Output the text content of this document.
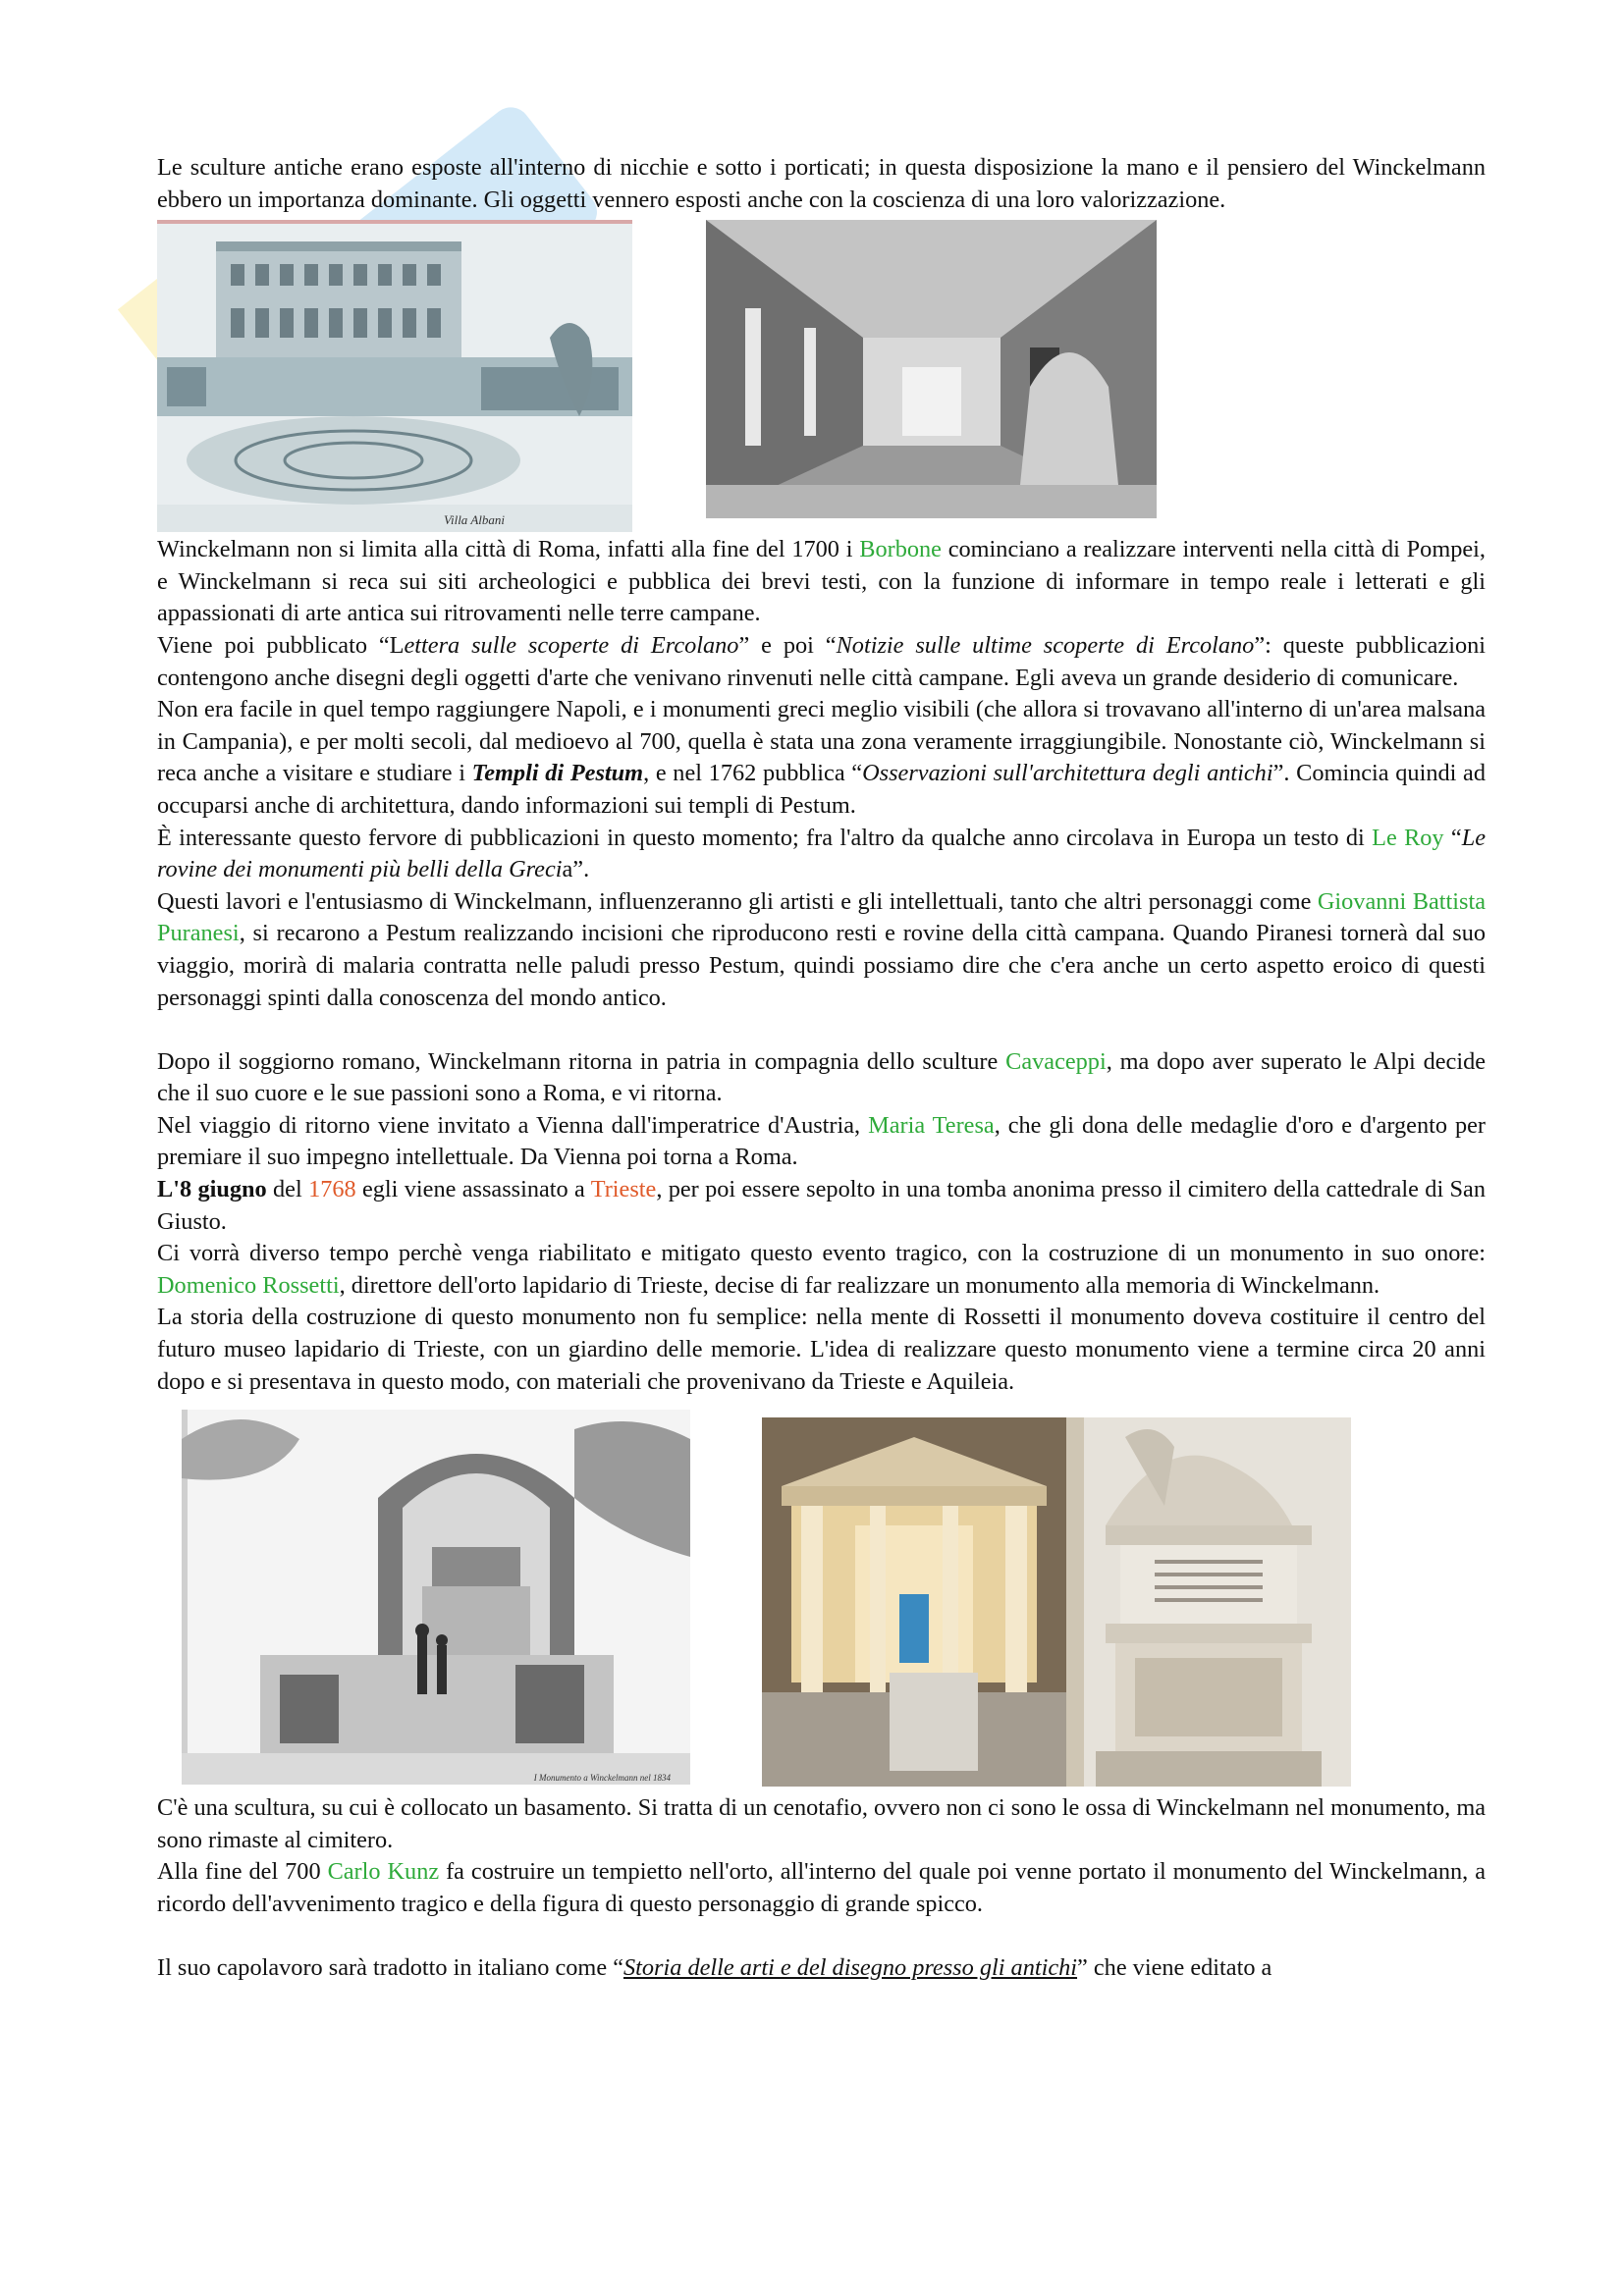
Le sculture antiche erano esposte all'interno di nicchie e sotto i porticati; in questa disposizione la mano e il pensiero del Winckelmann ebbero un importanza dominante. Gli oggetti vennero esposti anche con la coscienza di una loro valorizzazione.

Villa Albani

Winckelmann non si limita alla città di Roma, infatti alla fine del 1700 i Borbone cominciano a realizzare interventi nella città di Pompei, e Winckelmann si reca sui siti archeologici e pubblica dei brevi testi, con la funzione di informare in tempo reale i letterati e gli appassionati di arte antica sui ritrovamenti nelle terre campane.

Viene poi pubblicato “Lettera sulle scoperte di Ercolano” e poi “Notizie sulle ultime scoperte di Ercolano”: queste pubblicazioni contengono anche disegni degli oggetti d'arte che venivano rinvenuti nelle città campane. Egli aveva un grande desiderio di comunicare.

Non era facile in quel tempo raggiungere Napoli, e i monumenti greci meglio visibili (che allora si trovavano all'interno di un'area malsana in Campania), e per molti secoli, dal medioevo al 700, quella è stata una zona veramente irraggiungibile. Nonostante ciò, Winckelmann si reca anche a visitare e studiare i Templi di Pestum, e nel 1762 pubblica “Osservazioni sull'architettura degli antichi”. Comincia quindi ad occuparsi anche di architettura, dando informazioni sui templi di Pestum.

È interessante questo fervore di pubblicazioni in questo momento; fra l'altro da qualche anno circolava in Europa un testo di Le Roy “Le rovine dei monumenti più belli della Grecia”.

Questi lavori e l'entusiasmo di Winckelmann, influenzeranno gli artisti e gli intellettuali, tanto che altri personaggi come Giovanni Battista Puranesi, si recarono a Pestum realizzando incisioni che riproducono resti e rovine della città campana. Quando Piranesi tornerà dal suo viaggio, morirà di malaria contratta nelle paludi presso Pestum, quindi possiamo dire che c'era anche un certo aspetto eroico di questi personaggi spinti dalla conoscenza del mondo antico.

Dopo il soggiorno romano, Winckelmann ritorna in patria in compagnia dello sculture Cavaceppi, ma dopo aver superato le Alpi decide che il suo cuore e le sue passioni sono a Roma, e vi ritorna.

Nel viaggio di ritorno viene invitato a Vienna dall'imperatrice d'Austria, Maria Teresa, che gli dona delle medaglie d'oro e d'argento per premiare il suo impegno intellettuale. Da Vienna poi torna a Roma.

L'8 giugno del 1768 egli viene assassinato a Trieste, per poi essere sepolto in una tomba anonima presso il cimitero della cattedrale di San Giusto.

Ci vorrà diverso tempo perchè venga riabilitato e mitigato questo evento tragico, con la costruzione di un monumento in suo onore: Domenico Rossetti, direttore dell'orto lapidario di Trieste, decise di far realizzare un monumento alla memoria di Winckelmann.

La storia della costruzione di questo monumento non fu semplice: nella mente di Rossetti il monumento doveva costituire il centro del futuro museo lapidario di Trieste, con un giardino delle memorie. L'idea di realizzare questo monumento viene a termine circa 20 anni dopo e si presentava in questo modo, con materiali che provenivano da Trieste e Aquileia.

I Monumento a Winckelmann nel 1834

C'è una scultura, su cui è collocato un basamento. Si tratta di un cenotafio, ovvero non ci sono le ossa di Winckelmann nel monumento, ma sono rimaste al cimitero.

Alla fine del 700 Carlo Kunz fa costruire un tempietto nell'orto, all'interno del quale poi venne portato il monumento del Winckelmann, a ricordo dell'avvenimento tragico e della figura di questo personaggio di grande spicco.

Il suo capolavoro sarà tradotto in italiano come “Storia delle arti e del disegno presso gli antichi” che viene editato a
